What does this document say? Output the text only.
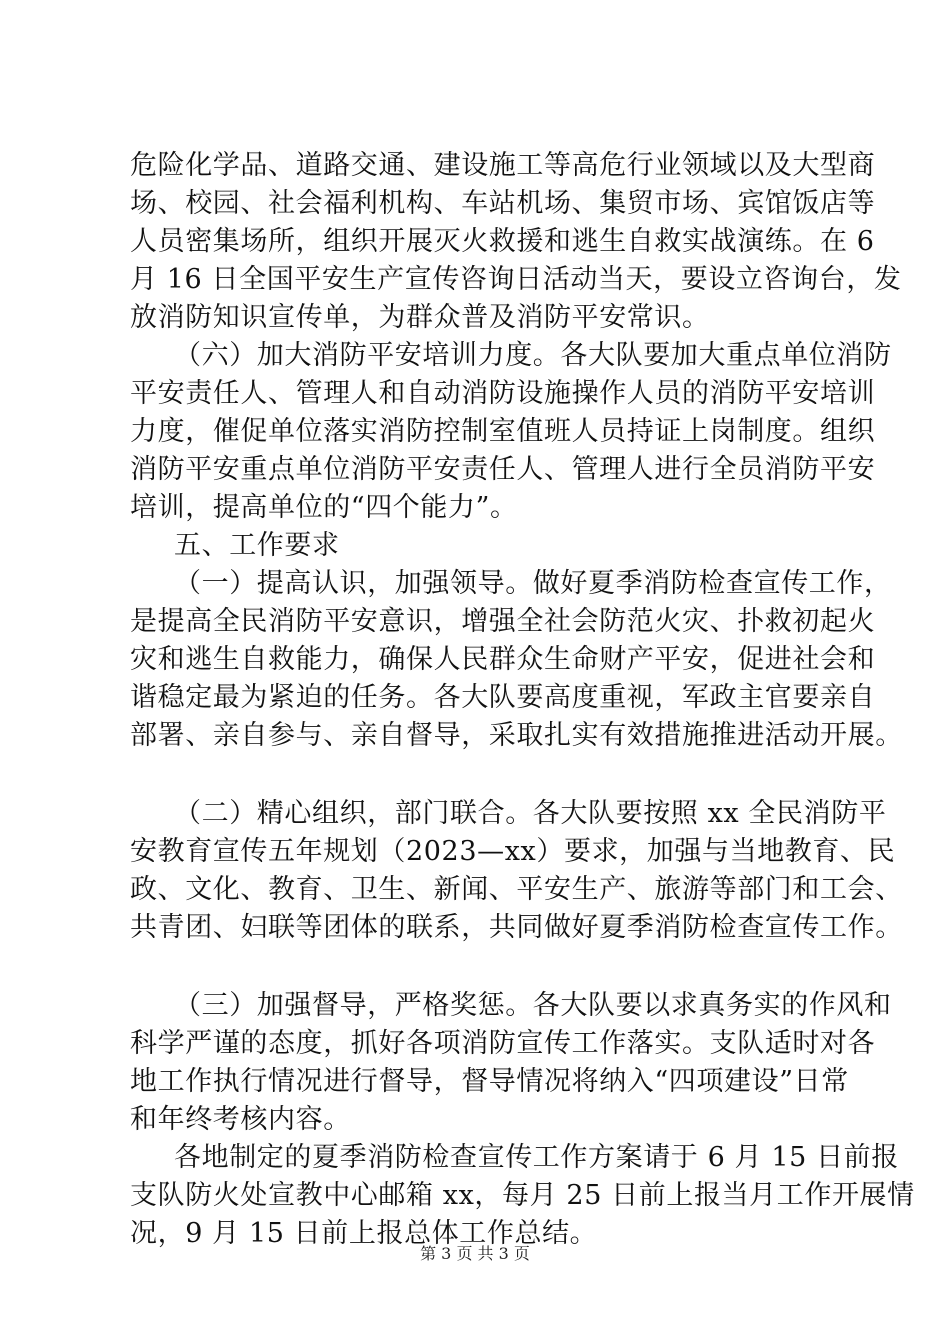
危险化学品、道路交通、建设施工等高危行业领域以及大型商
场、校园、社会福利机构、车站机场、集贸市场、宾馆饭店等
人员密集场所，组织开展灭火救援和逃生自救实战演练。在 6
月 16 日全国平安生产宣传咨询日活动当天，要设立咨询台，发
放消防知识宣传单，为群众普及消防平安常识。
（六）加大消防平安培训力度。各大队要加大重点单位消防
平安责任人、管理人和自动消防设施操作人员的消防平安培训
力度，催促单位落实消防控制室值班人员持证上岗制度。组织
消防平安重点单位消防平安责任人、管理人进行全员消防平安
培训，提高单位的“四个能力”。
五、工作要求
（一）提高认识，加强领导。做好夏季消防检查宣传工作，
是提高全民消防平安意识，增强全社会防范火灾、扑救初起火
灾和逃生自救能力，确保人民群众生命财产平安，促进社会和
谐稳定最为紧迫的任务。各大队要高度重视，军政主官要亲自
部署、亲自参与、亲自督导，采取扎实有效措施推进活动开展。
（二）精心组织，部门联合。各大队要按照 xx 全民消防平
安教育宣传五年规划（2023—xx）要求，加强与当地教育、民
政、文化、教育、卫生、新闻、平安生产、旅游等部门和工会、
共青团、妇联等团体的联系，共同做好夏季消防检查宣传工作。
（三）加强督导，严格奖惩。各大队要以求真务实的作风和
科学严谨的态度，抓好各项消防宣传工作落实。支队适时对各
地工作执行情况进行督导，督导情况将纳入“四项建设”日常
和年终考核内容。
各地制定的夏季消防检查宣传工作方案请于 6 月 15 日前报
支队防火处宣教中心邮箱 xx，每月 25 日前上报当月工作开展情
况，9 月 15 日前上报总体工作总结。
第 3 页 共 3 页
